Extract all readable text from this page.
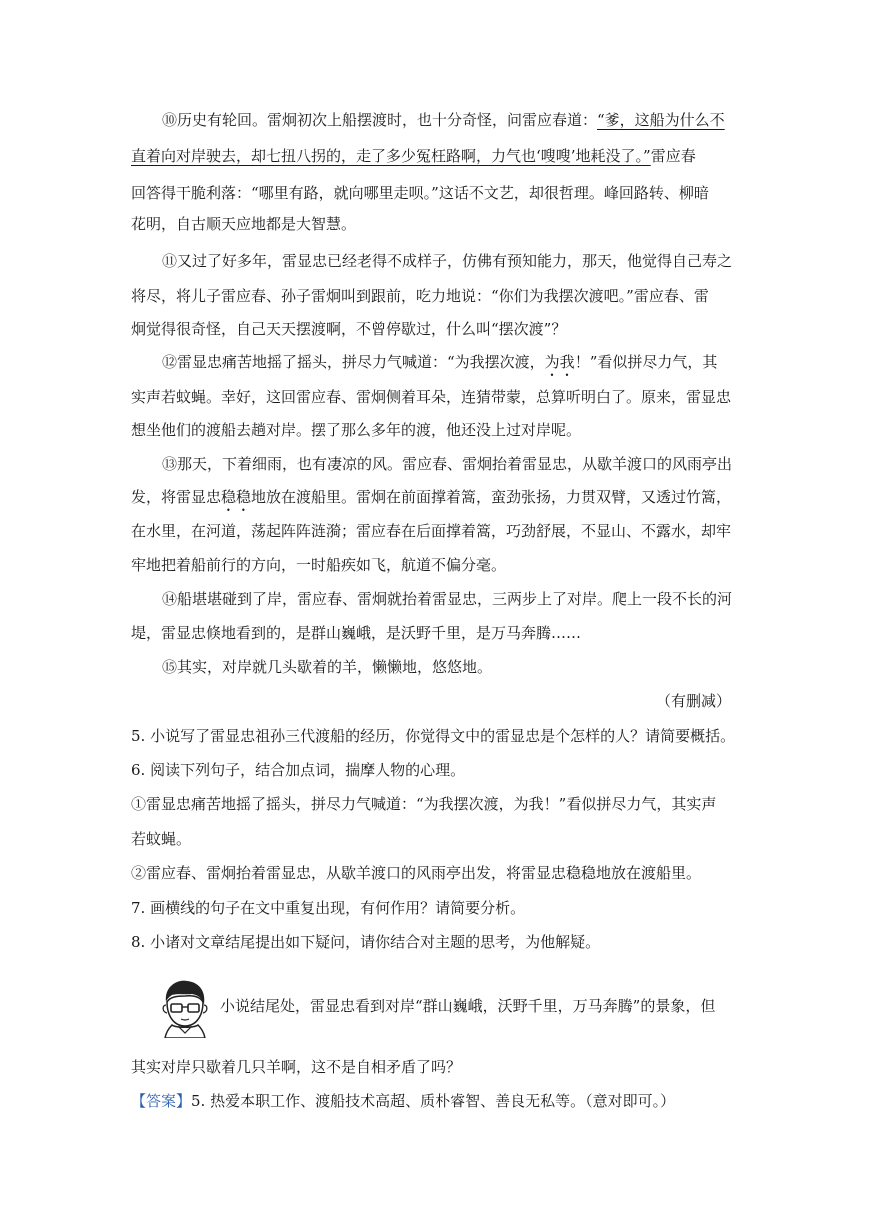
⑩历史有轮回。雷炯初次上船摆渡时，也十分奇怪，问雷应春道：“爹，这船为什么不
直着向对岸驶去，却七扭八拐的，走了多少冤枉路啊，力气也‘嗖嗖’地耗没了。”雷应春
回答得干脆利落：“哪里有路，就向哪里走呗。”这话不文艺，却很哲理。峰回路转、柳暗
花明，自古顺天应地都是大智慧。
⑪又过了好多年，雷显忠已经老得不成样子，仿佛有预知能力，那天，他觉得自己寿之
将尽，将儿子雷应春、孙子雷炯叫到跟前，吃力地说：“你们为我摆次渡吧。”雷应春、雷
炯觉得很奇怪，自己天天摆渡啊，不曾停歇过，什么叫“摆次渡”？
⑫雷显忠痛苦地摇了摇头，拼尽力气喊道：“为我摆次渡，为我！”看似拼尽力气，其
实声若蚊蝇。幸好，这回雷应春、雷炯侧着耳朵，连猜带蒙，总算听明白了。原来，雷显忠
想坐他们的渡船去趟对岸。摆了那么多年的渡，他还没上过对岸呢。
⑬那天，下着细雨，也有凄凉的风。雷应春、雷炯抬着雷显忠，从歇羊渡口的风雨亭出
发，将雷显忠稳稳地放在渡船里。雷炯在前面撑着篙，蛮劲张扬，力贯双臂，又透过竹篙，
在水里，在河道，荡起阵阵涟漪；雷应春在后面撑着篙，巧劲舒展，不显山、不露水，却牢
牢地把着船前行的方向，一时船疾如飞，航道不偏分毫。
⑭船堪堪碰到了岸，雷应春、雷炯就抬着雷显忠，三两步上了对岸。爬上一段不长的河
堤，雷显忠倏地看到的，是群山巍峨，是沃野千里，是万马奔腾……
⑮其实，对岸就几头歇着的羊，懒懒地，悠悠地。
（有删减）
5. 小说写了雷显忠祖孙三代渡船的经历，你觉得文中的雷显忠是个怎样的人？请简要概括。
6. 阅读下列句子，结合加点词，揣摩人物的心理。
①雷显忠痛苦地摇了摇头，拼尽力气喊道：“为我摆次渡，为我！”看似拼尽力气，其实声
若蚊蝇。
②雷应春、雷炯抬着雷显忠，从歇羊渡口的风雨亭出发，将雷显忠稳稳地放在渡船里。
7. 画横线的句子在文中重复出现，有何作用？请简要分析。
8. 小诸对文章结尾提出如下疑问，请你结合对主题的思考，为他解疑。
小说结尾处，雷显忠看到对岸“群山巍峨，沃野千里，万马奔腾”的景象，但
其实对岸只歇着几只羊啊，这不是自相矛盾了吗？
【答案】5. 热爱本职工作、渡船技术高超、质朴睿智、善良无私等。（意对即可。）
